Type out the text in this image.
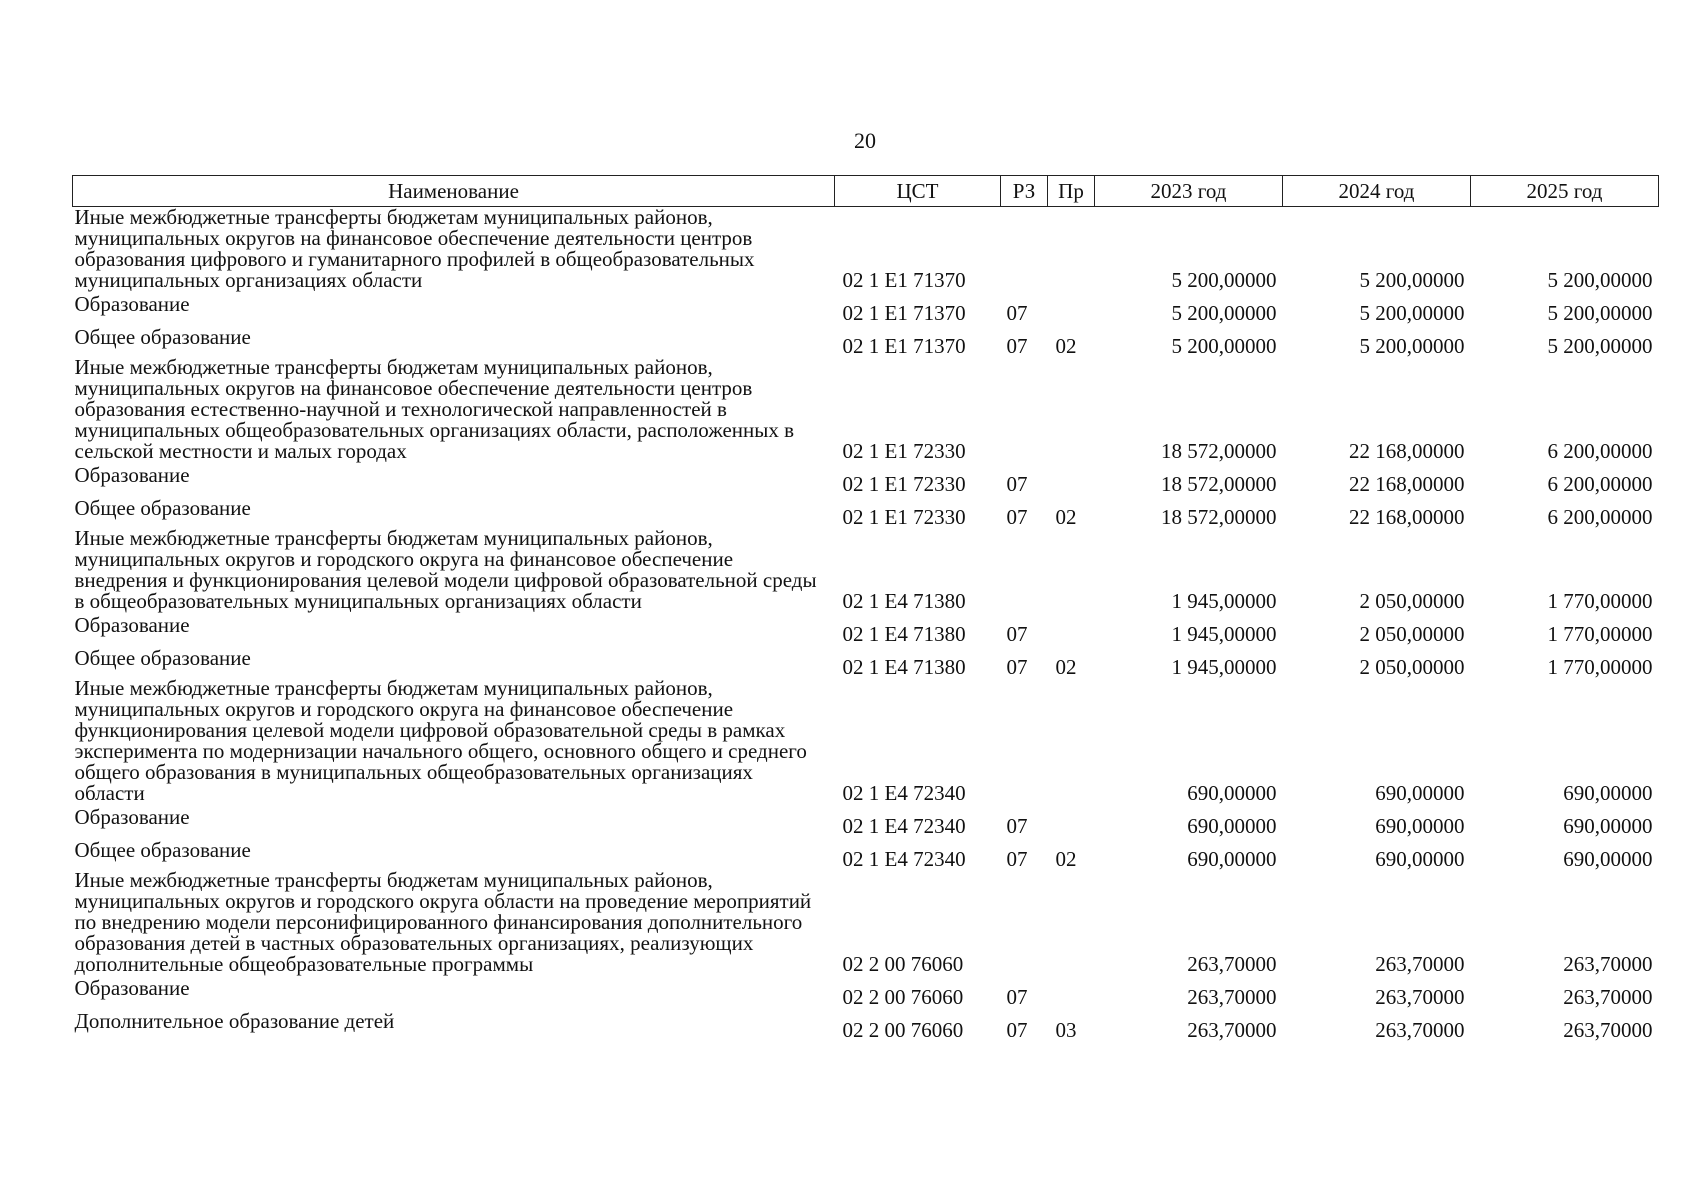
20
Наименование	ЦСТ	РЗ	Пр	2023 год	2024 год	2025 год
Иные межбюджетные трансферты бюджетам муниципальных районов, муниципальных округов на финансовое обеспечение деятельности центров образования цифрового и гуманитарного профилей в общеобразовательных муниципальных организациях области	02 1 E1 71370			5 200,00000	5 200,00000	5 200,00000
Образование	02 1 E1 71370	07		5 200,00000	5 200,00000	5 200,00000
Общее образование	02 1 E1 71370	07	02	5 200,00000	5 200,00000	5 200,00000
Иные межбюджетные трансферты бюджетам муниципальных районов, муниципальных округов на финансовое обеспечение деятельности центров образования естественно-научной и технологической направленностей в муниципальных общеобразовательных организациях области, расположенных в сельской местности и малых городах	02 1 E1 72330			18 572,00000	22 168,00000	6 200,00000
Образование	02 1 E1 72330	07		18 572,00000	22 168,00000	6 200,00000
Общее образование	02 1 E1 72330	07	02	18 572,00000	22 168,00000	6 200,00000
Иные межбюджетные трансферты бюджетам муниципальных районов, муниципальных округов и городского округа на финансовое обеспечение внедрения и функционирования целевой модели цифровой образовательной среды в общеобразовательных муниципальных организациях области	02 1 E4 71380			1 945,00000	2 050,00000	1 770,00000
Образование	02 1 E4 71380	07		1 945,00000	2 050,00000	1 770,00000
Общее образование	02 1 E4 71380	07	02	1 945,00000	2 050,00000	1 770,00000
Иные межбюджетные трансферты бюджетам муниципальных районов, муниципальных округов и городского округа на финансовое обеспечение функционирования целевой модели цифровой образовательной среды в рамках эксперимента по модернизации начального общего, основного общего и среднего общего образования в муниципальных общеобразовательных организациях области	02 1 E4 72340			690,00000	690,00000	690,00000
Образование	02 1 E4 72340	07		690,00000	690,00000	690,00000
Общее образование	02 1 E4 72340	07	02	690,00000	690,00000	690,00000
Иные межбюджетные трансферты бюджетам муниципальных районов, муниципальных округов и городского округа области на проведение мероприятий по внедрению модели персонифицированного финансирования дополнительного образования детей в частных образовательных организациях, реализующих дополнительные общеобразовательные программы	02 2 00 76060			263,70000	263,70000	263,70000
Образование	02 2 00 76060	07		263,70000	263,70000	263,70000
Дополнительное образование детей	02 2 00 76060	07	03	263,70000	263,70000	263,70000
